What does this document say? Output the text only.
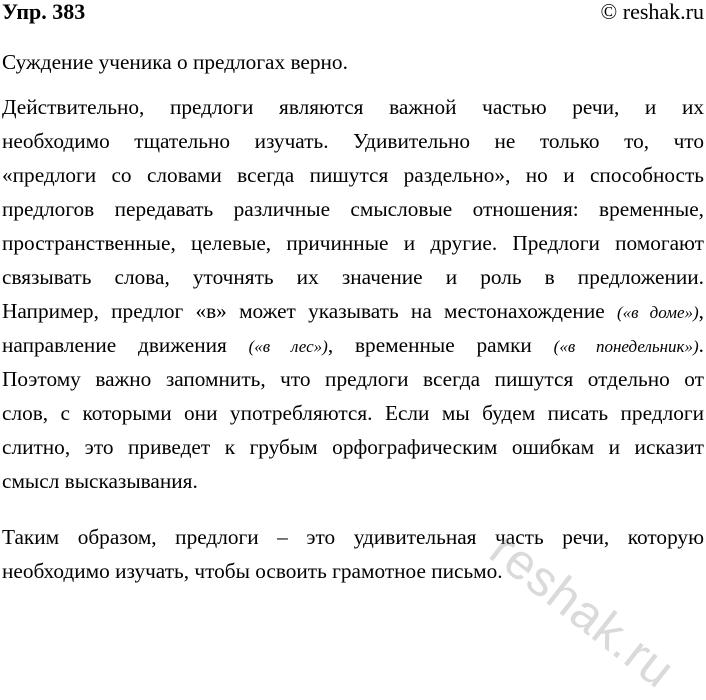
Упр. 383	© reshak.ru
Суждение ученика о предлогах верно.
Действительно, предлоги являются важной частью речи, и их
необходимо тщательно изучать. Удивительно не только то, что
«предлоги со словами всегда пишутся раздельно», но и способность
предлогов передавать различные смысловые отношения: временные,
пространственные, целевые, причинные и другие. Предлоги помогают
связывать слова, уточнять их значение и роль в предложении.
Например, предлог «в» может указывать на местонахождение («в доме»),
направление движения («в лес»), временные рамки («в понедельник»).
Поэтому важно запомнить, что предлоги всегда пишутся отдельно от
слов, с которыми они употребляются. Если мы будем писать предлоги
слитно, это приведет к грубым орфографическим ошибкам и исказит
смысл высказывания.
Таким образом, предлоги – это удивительная часть речи, которую
необходимо изучать, чтобы освоить грамотное письмо.
reshak.ru
